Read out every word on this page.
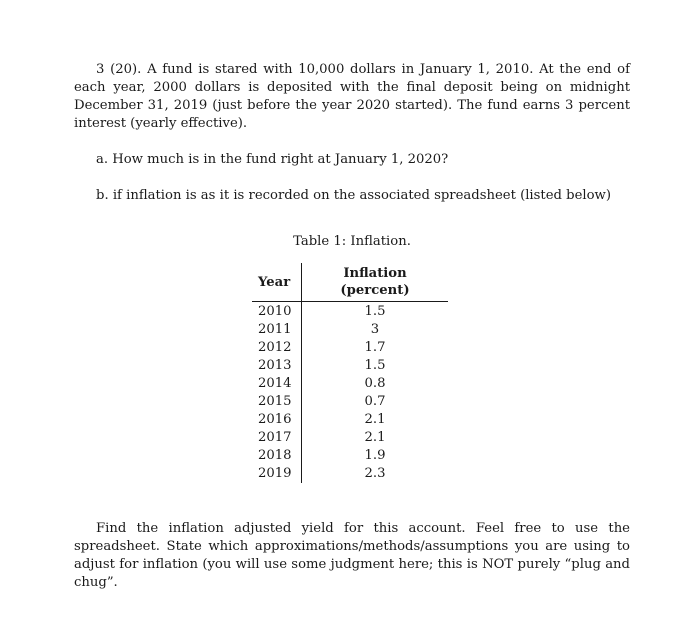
3 (20). A fund is stared with 10,000 dollars in January 1, 2010. At the end of each year, 2000 dollars is deposited with the final deposit being on midnight December 31, 2019 (just before the year 2020 started). The fund earns 3 percent interest (yearly effective).

a. How much is in the fund right at January 1, 2020?

b. if inflation is as it is recorded on the associated spreadsheet (listed below)

Table 1: Inflation.

Year	Inflation (percent)
2010	1.5
2011	3
2012	1.7
2013	1.5
2014	0.8
2015	0.7
2016	2.1
2017	2.1
2018	1.9
2019	2.3

Find the inflation adjusted yield for this account. Feel free to use the spreadsheet. State which approximations/methods/assumptions you are using to adjust for inflation (you will use some judgment here; this is NOT purely “plug and chug”.
